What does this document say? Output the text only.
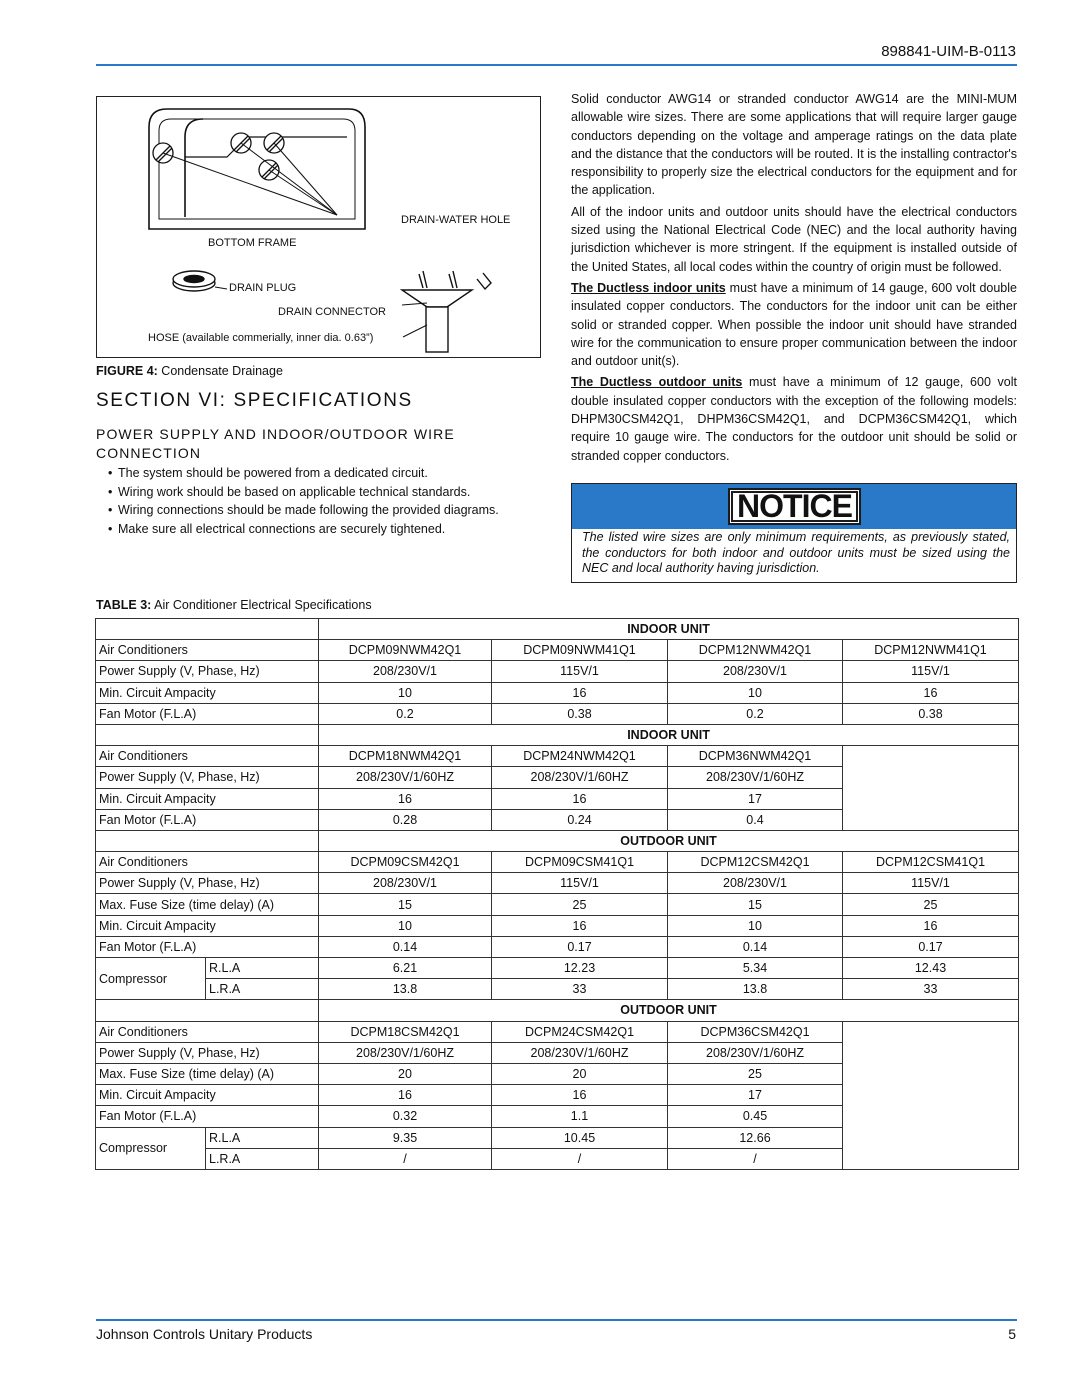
898841-UIM-B-0113
DRAIN-WATER HOLE
BOTTOM FRAME
DRAIN PLUG
DRAIN CONNECTOR
HOSE (available commerially, inner dia. 0.63”)
FIGURE 4: Condensate Drainage
SECTION VI: SPECIFICATIONS
POWER SUPPLY AND INDOOR/OUTDOOR WIRE CONNECTION
• The system should be powered from a dedicated circuit.
• Wiring work should be based on applicable technical standards.
• Wiring connections should be made following the provided diagrams.
• Make sure all electrical connections are securely tightened.

Solid conductor AWG14 or stranded conductor AWG14 are the MINI-MUM allowable wire sizes. There are some applications that will require larger gauge conductors depending on the voltage and amperage ratings on the data plate and the distance that the conductors will be routed. It is the installing contractor's responsibility to properly size the electrical conductors for the equipment and for the application.

All of the indoor units and outdoor units should have the electrical conductors sized using the National Electrical Code (NEC) and the local authority having jurisdiction whichever is more stringent. If the equipment is installed outside of the United States, all local codes within the country of origin must be followed.

The Ductless indoor units must have a minimum of 14 gauge, 600 volt double insulated copper conductors. The conductors for the indoor unit can be either solid or stranded copper. When possible the indoor unit should have stranded wire for the communication to ensure proper communication between the indoor and outdoor unit(s).

The Ductless outdoor units must have a minimum of 12 gauge, 600 volt double insulated copper conductors with the exception of the following models: DHPM30CSM42Q1, DHPM36CSM42Q1, and DCPM36CSM42Q1, which require 10 gauge wire. The conductors for the outdoor unit should be solid or stranded copper conductors.

NOTICE
The listed wire sizes are only minimum requirements, as previously stated, the conductors for both indoor and outdoor units must be sized using the NEC and local authority having jurisdiction.
TABLE 3: Air Conditioner Electrical Specifications
		INDOOR UNIT			
Air Conditioners		DCPM09NWM42Q1	DCPM09NWM41Q1	DCPM12NWM42Q1	DCPM12NWM41Q1
Power Supply (V, Phase, Hz)		208/230V/1	115V/1	208/230V/1	115V/1
Min. Circuit Ampacity		10	16	10	16
Fan Motor (F.L.A)		0.2	0.38	0.2	0.38
		INDOOR UNIT			
Air Conditioners		DCPM18NWM42Q1	DCPM24NWM42Q1	DCPM36NWM42Q1	
Power Supply (V, Phase, Hz)		208/230V/1/60HZ	208/230V/1/60HZ	208/230V/1/60HZ	
Min. Circuit Ampacity		16	16	17	
Fan Motor (F.L.A)		0.28	0.24	0.4	
		OUTDOOR UNIT			
Air Conditioners		DCPM09CSM42Q1	DCPM09CSM41Q1	DCPM12CSM42Q1	DCPM12CSM41Q1
Power Supply (V, Phase, Hz)		208/230V/1	115V/1	208/230V/1	115V/1
Max. Fuse Size (time delay) (A)		15	25	15	25
Min. Circuit Ampacity		10	16	10	16
Fan Motor (F.L.A)		0.14	0.17	0.14	0.17
Compressor	R.L.A	6.21	12.23	5.34	12.43
	L.R.A	13.8	33	13.8	33
		OUTDOOR UNIT			
Air Conditioners		DCPM18CSM42Q1	DCPM24CSM42Q1	DCPM36CSM42Q1	
Power Supply (V, Phase, Hz)		208/230V/1/60HZ	208/230V/1/60HZ	208/230V/1/60HZ	
Max. Fuse Size (time delay) (A)		20	20	25	
Min. Circuit Ampacity		16	16	17	
Fan Motor (F.L.A)		0.32	1.1	0.45	
Compressor	R.L.A	9.35	10.45	12.66	
	L.R.A	/	/	/	
Johnson Controls Unitary Products	5
